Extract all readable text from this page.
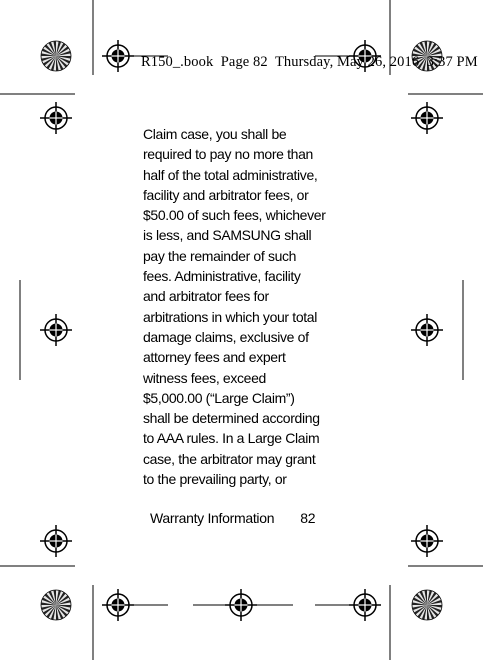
R150_.book  Page 82  Thursday, May 26, 2016  3:37 PM
Claim case, you shall be
required to pay no more than
half of the total administrative,
facility and arbitrator fees, or
$50.00 of such fees, whichever
is less, and SAMSUNG shall
pay the remainder of such
fees. Administrative, facility
and arbitrator fees for
arbitrations in which your total
damage claims, exclusive of
attorney fees and expert
witness fees, exceed
$5,000.00 (“Large Claim”)
shall be determined according
to AAA rules. In a Large Claim
case, the arbitrator may grant
to the prevailing party, or
Warranty Information 82
